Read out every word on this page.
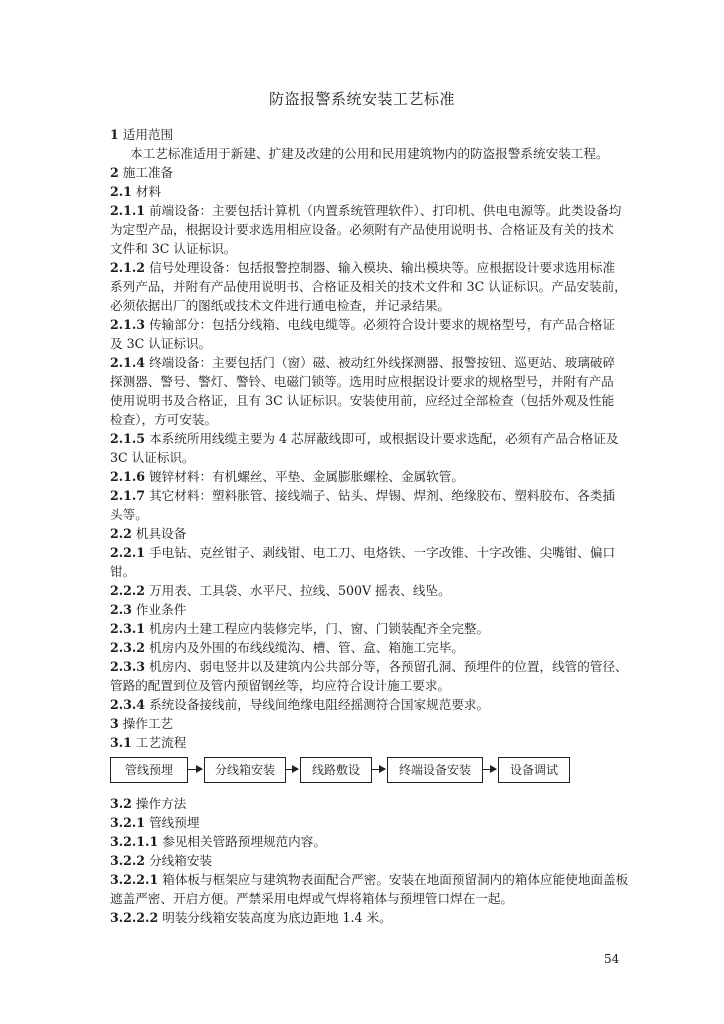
防盗报警系统安装工艺标准
1 适用范围
本工艺标准适用于新建、扩建及改建的公用和民用建筑物内的防盗报警系统安装工程。
2 施工准备
2.1 材料
2.1.1 前端设备：主要包括计算机（内置系统管理软件）、打印机、供电电源等。此类设备均
为定型产品，根据设计要求选用相应设备。必须附有产品使用说明书、合格证及有关的技术
文件和 3C 认证标识。
2.1.2 信号处理设备：包括报警控制器、输入模块、输出模块等。应根据设计要求选用标准
系列产品，并附有产品使用说明书、合格证及相关的技术文件和 3C 认证标识。产品安装前，
必须依据出厂的图纸或技术文件进行通电检查，并记录结果。
2.1.3 传输部分：包括分线箱、电线电缆等。必须符合设计要求的规格型号，有产品合格证
及 3C 认证标识。
2.1.4 终端设备：主要包括门（窗）磁、被动红外线探测器、报警按钮、巡更站、玻璃破碎
探测器、警号、警灯、警铃、电磁门锁等。选用时应根据设计要求的规格型号，并附有产品
使用说明书及合格证，且有 3C 认证标识。安装使用前，应经过全部检查（包括外观及性能
检查），方可安装。
2.1.5 本系统所用线缆主要为 4 芯屏蔽线即可，或根据设计要求选配，必须有产品合格证及
3C 认证标识。
2.1.6 镀锌材料：有机螺丝、平垫、金属膨胀螺栓、金属软管。
2.1.7 其它材料：塑料胀管、接线端子、钻头、焊锡、焊剂、绝缘胶布、塑料胶布、各类插
头等。
2.2 机具设备
2.2.1 手电钻、克丝钳子、剥线钳、电工刀、电烙铁、一字改锥、十字改锥、尖嘴钳、偏口
钳。
2.2.2 万用表、工具袋、水平尺、拉线、500V 摇表、线坠。
2.3 作业条件
2.3.1 机房内土建工程应内装修完毕，门、窗、门锁装配齐全完整。
2.3.2 机房内及外围的布线线缆沟、槽、管、盒、箱施工完毕。
2.3.3 机房内、弱电竖井以及建筑内公共部分等，各预留孔洞、预埋件的位置，线管的管径、
管路的配置到位及管内预留钢丝等，均应符合设计施工要求。
2.3.4 系统设备接线前，导线间绝缘电阻经摇测符合国家规范要求。
3 操作工艺
3.1 工艺流程
管线预埋	分线箱安装	线路敷设	终端设备安装	设备调试
3.2 操作方法
3.2.1 管线预埋
3.2.1.1 参见相关管路预埋规范内容。
3.2.2 分线箱安装
3.2.2.1 箱体板与框架应与建筑物表面配合严密。安装在地面预留洞内的箱体应能使地面盖板
遮盖严密、开启方便。严禁采用电焊或气焊将箱体与预埋管口焊在一起。
3.2.2.2 明装分线箱安装高度为底边距地 1.4 米。
54
